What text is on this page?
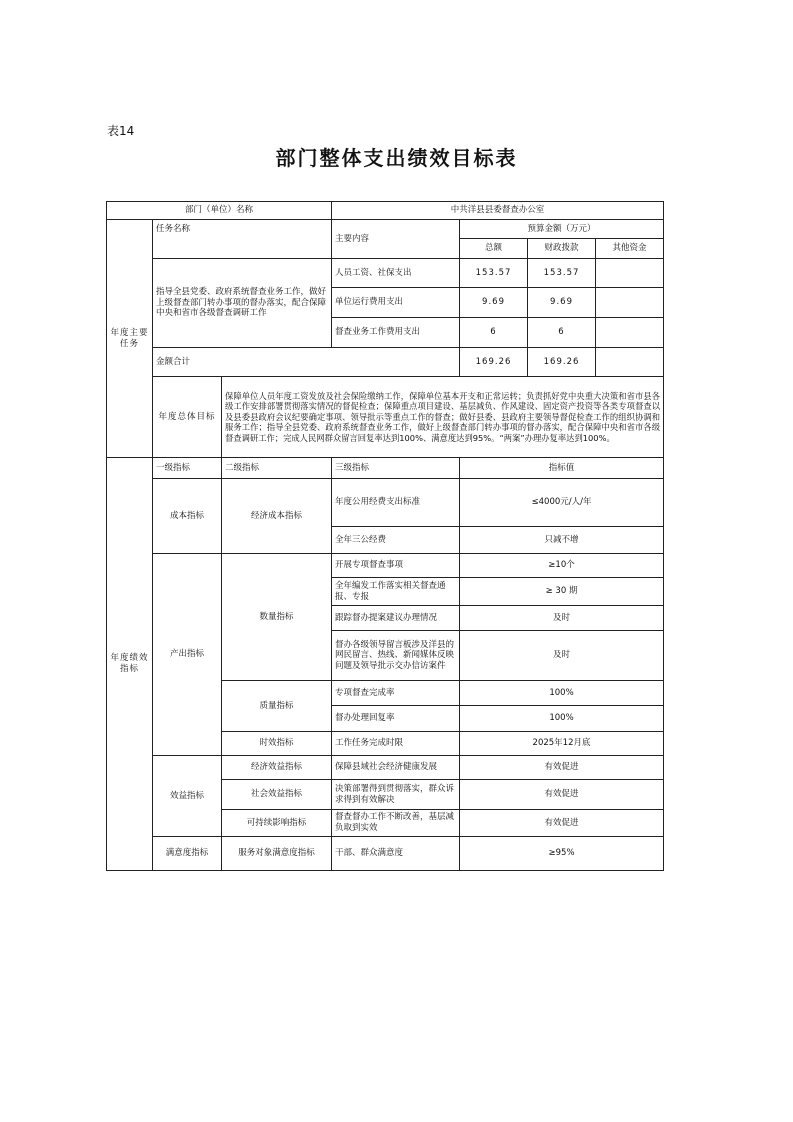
表14
部门整体支出绩效目标表
部门（单位）名称			中共洋县县委督查办公室			
年度主要任务	任务名称		主要内容	预算金额（万元）		
				总额	财政拨款	其他资金
	指导全县党委、政府系统督查业务工作，做好上级督查部门转办事项的督办落实，配合保障中央和省市各级督查调研工作		人员工资、社保支出	153.57	153.57	
			单位运行费用支出	9.69	9.69	
			督查业务工作费用支出	6	6	
	金额合计			169.26	169.26	
	年度总体目标	保障单位人员年度工资发放及社会保险缴纳工作，保障单位基本开支和正常运转；负责抓好党中央重大决策和省市县各级工作安排部署贯彻落实情况的督促检查；保障重点项目建设、基层减负、作风建设、固定资产投资等各类专项督查以及县委县政府会议纪要确定事项、领导批示等重点工作的督查；做好县委、县政府主要领导督促检查工作的组织协调和服务工作；指导全县党委、政府系统督查业务工作，做好上级督查部门转办事项的督办落实，配合保障中央和省市各级督查调研工作；完成人民网群众留言回复率达到100%、满意度达到95%。“两案”办理办复率达到100%。				
年度绩效指标	一级指标	二级指标	三级指标	指标值		
	成本指标	经济成本指标	年度公用经费支出标准	≤4000元/人/年		
			全年三公经费	只减不增		
	产出指标	数量指标	开展专项督查事项	≥10个		
			全年编发工作落实相关督查通报、专报	≥ 30 期		
			跟踪督办提案建议办理情况	及时		
			督办各级领导留言板涉及洋县的网民留言、热线、新闻媒体反映问题及领导批示交办信访案件	及时		
		质量指标	专项督查完成率	100%		
			督办处理回复率	100%		
		时效指标	工作任务完成时限	2025年12月底		
	效益指标	经济效益指标	保障县域社会经济健康发展	有效促进		
		社会效益指标	决策部署得到贯彻落实，群众诉求得到有效解决	有效促进		
		可持续影响指标	督查督办工作不断改善，基层减负取到实效	有效促进		
	满意度指标	服务对象满意度指标	干部、群众满意度	≥95%		
